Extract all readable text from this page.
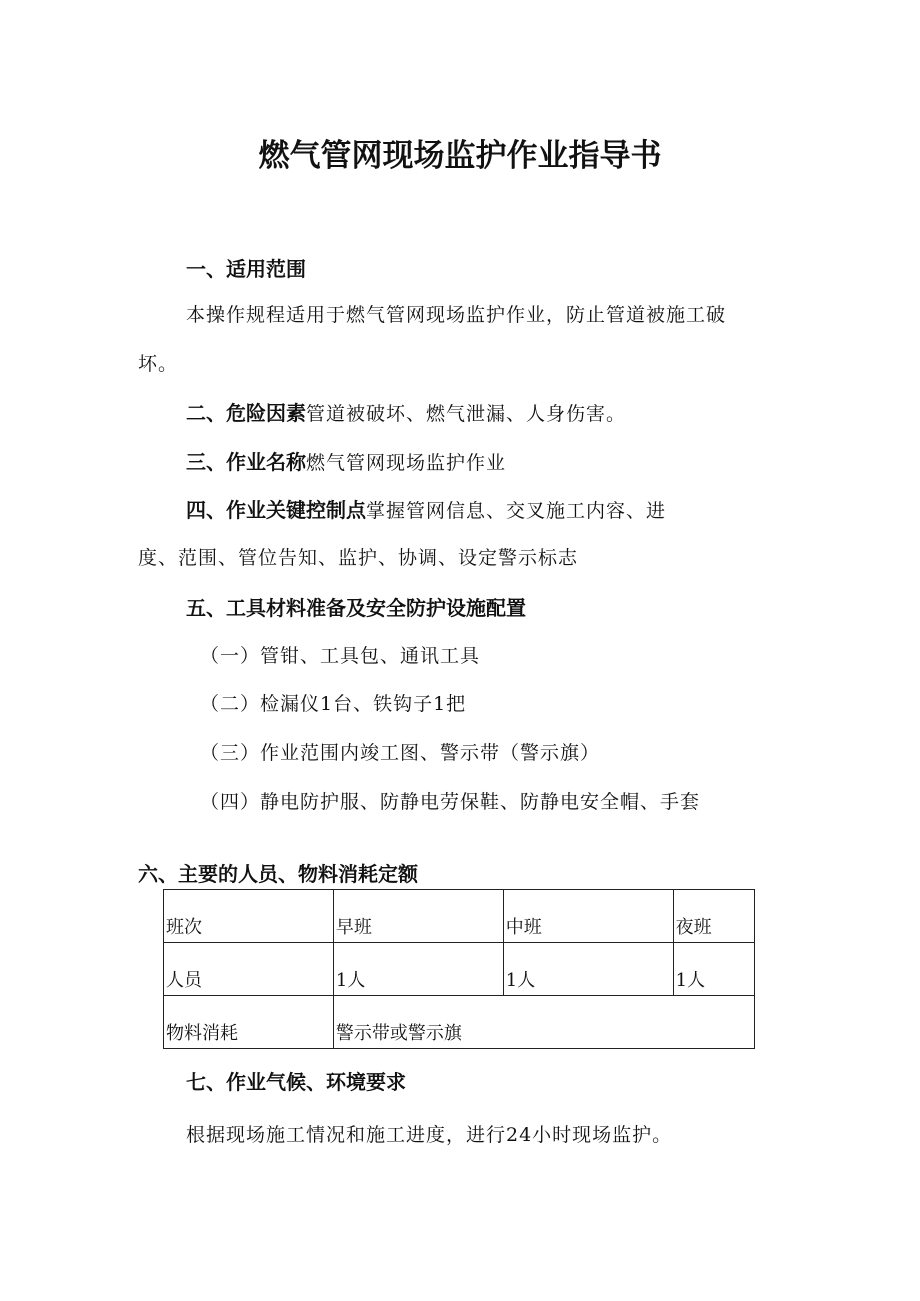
燃气管网现场监护作业指导书
一、适用范围
本操作规程适用于燃气管网现场监护作业，防止管道被施工破
坏。
二、危险因素管道被破坏、燃气泄漏、人身伤害。
三、作业名称燃气管网现场监护作业
四、作业关键控制点掌握管网信息、交叉施工内容、进
度、范围、管位告知、监护、协调、设定警示标志
五、工具材料准备及安全防护设施配置
（一）管钳、工具包、通讯工具
（二）检漏仪1台、铁钩子1把
（三）作业范围内竣工图、警示带（警示旗）
（四）静电防护服、防静电劳保鞋、防静电安全帽、手套
六、主要的人员、物料消耗定额
班次	早班	中班	夜班
人员	1人	1人	1人
物料消耗	警示带或警示旗		
七、作业气候、环境要求
根据现场施工情况和施工进度，进行24小时现场监护。
